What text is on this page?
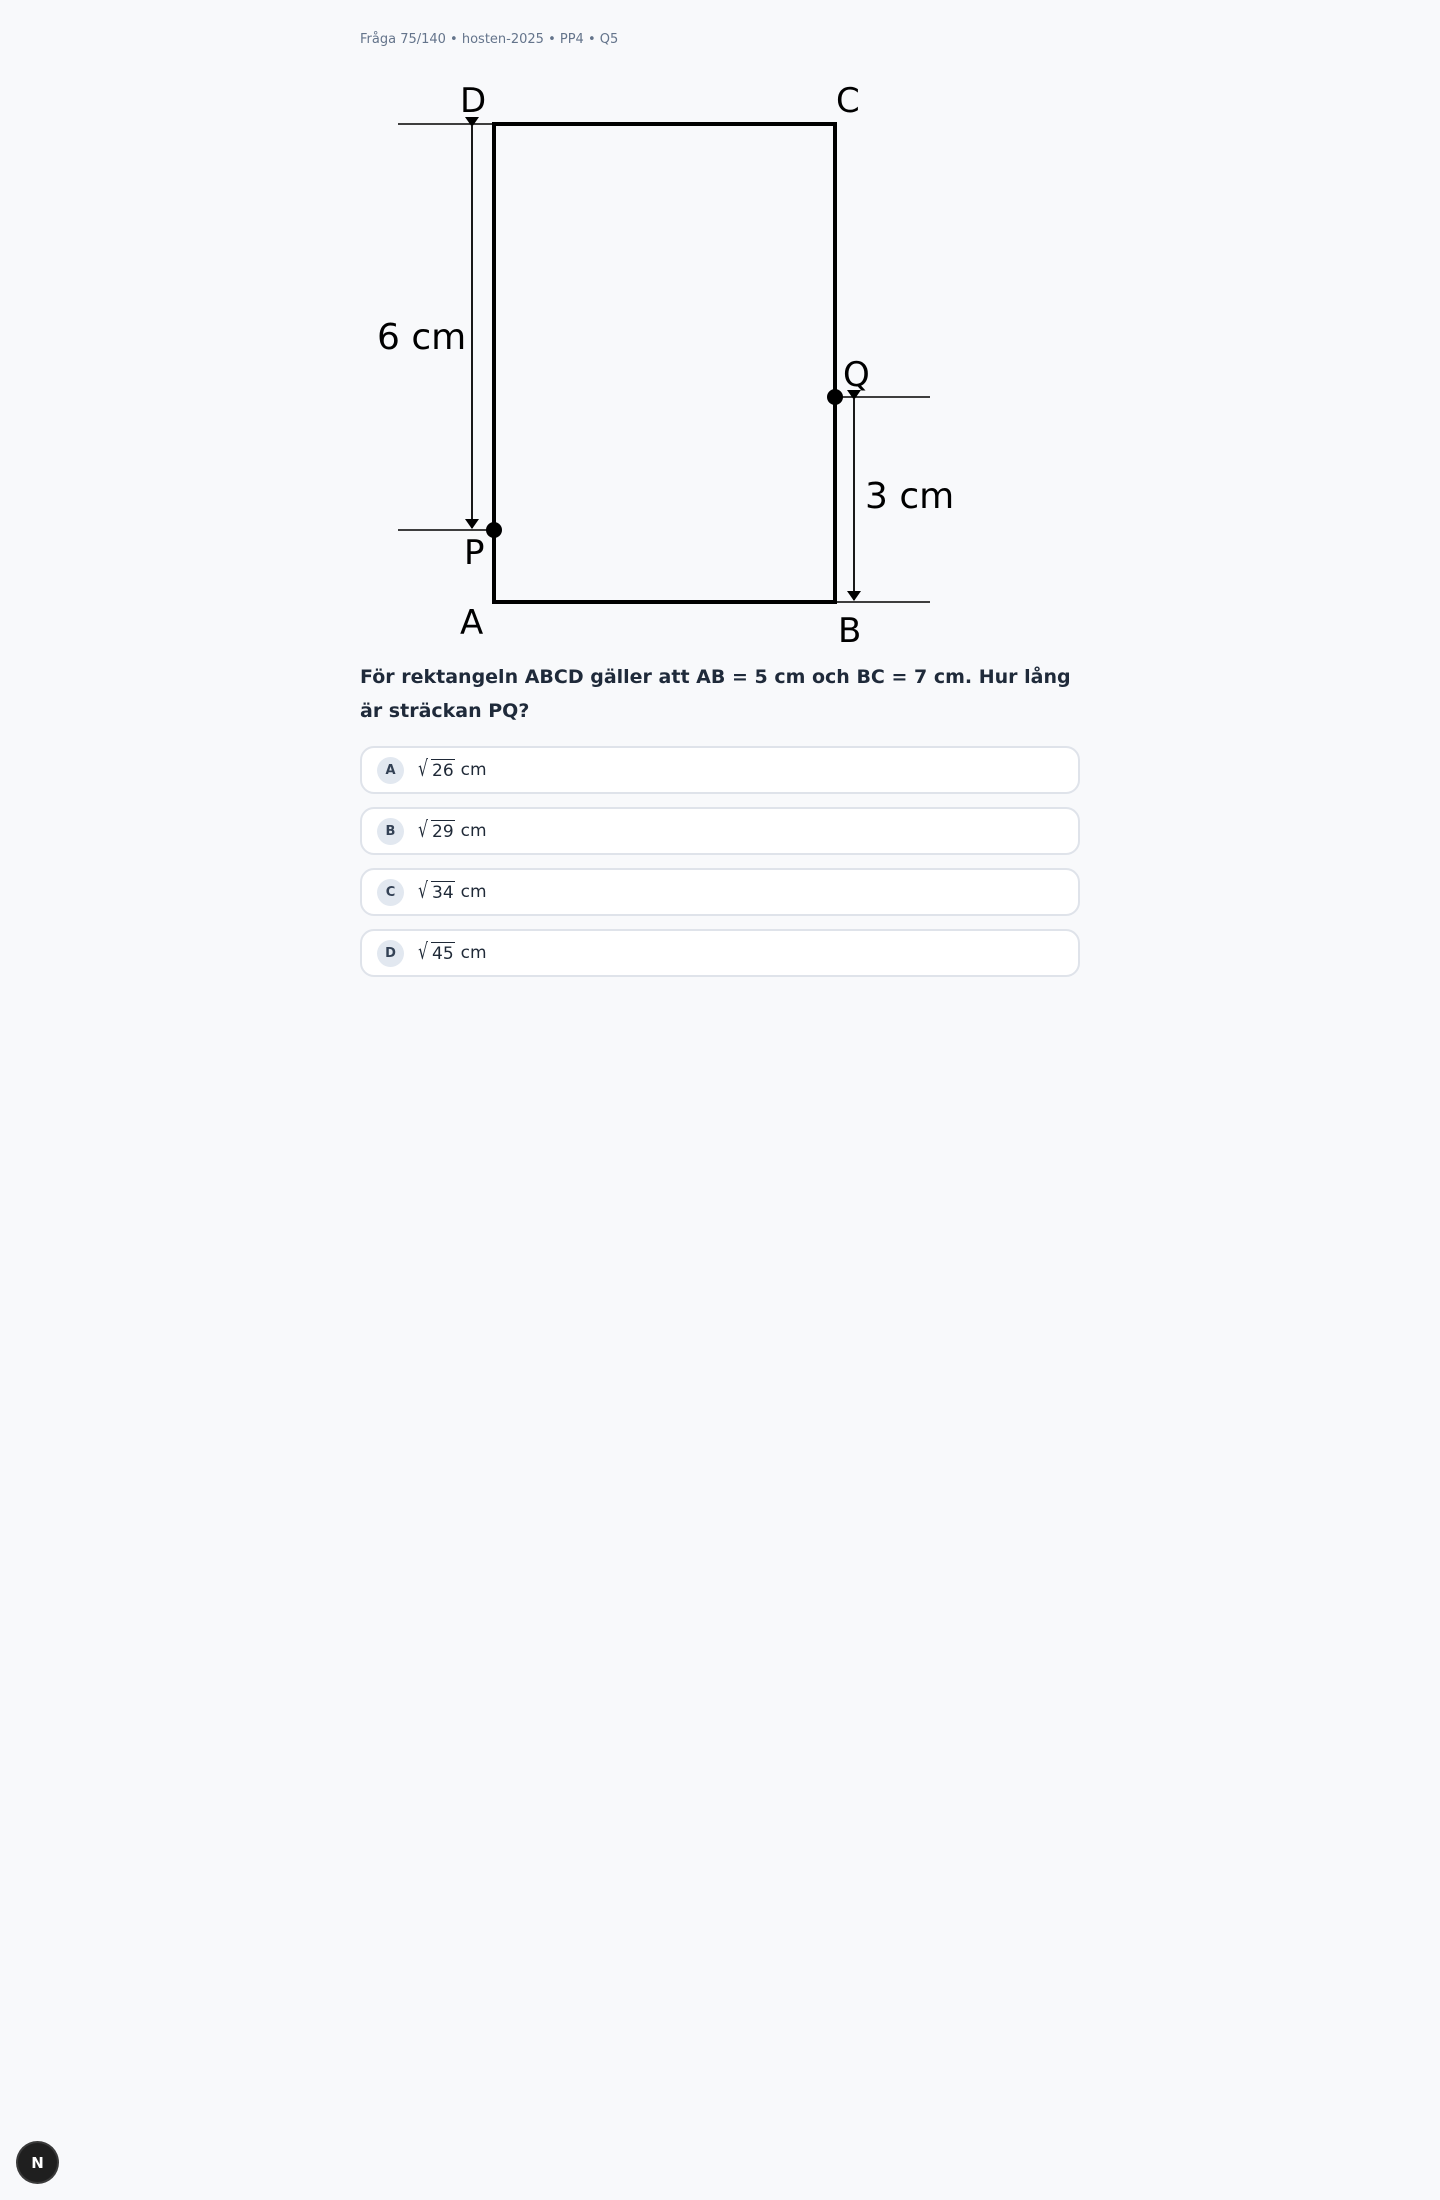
Fråga 75/140 • hosten-2025 • PP4 • Q5
D	C
Q
P
A	B
6 cm
3 cm
För rektangeln ABCD gäller att AB = 5 cm och BC = 7 cm. Hur lång är sträckan PQ?
A	√ 26 cm
B	√ 29 cm
C	√ 34 cm
D	√ 45 cm
N
